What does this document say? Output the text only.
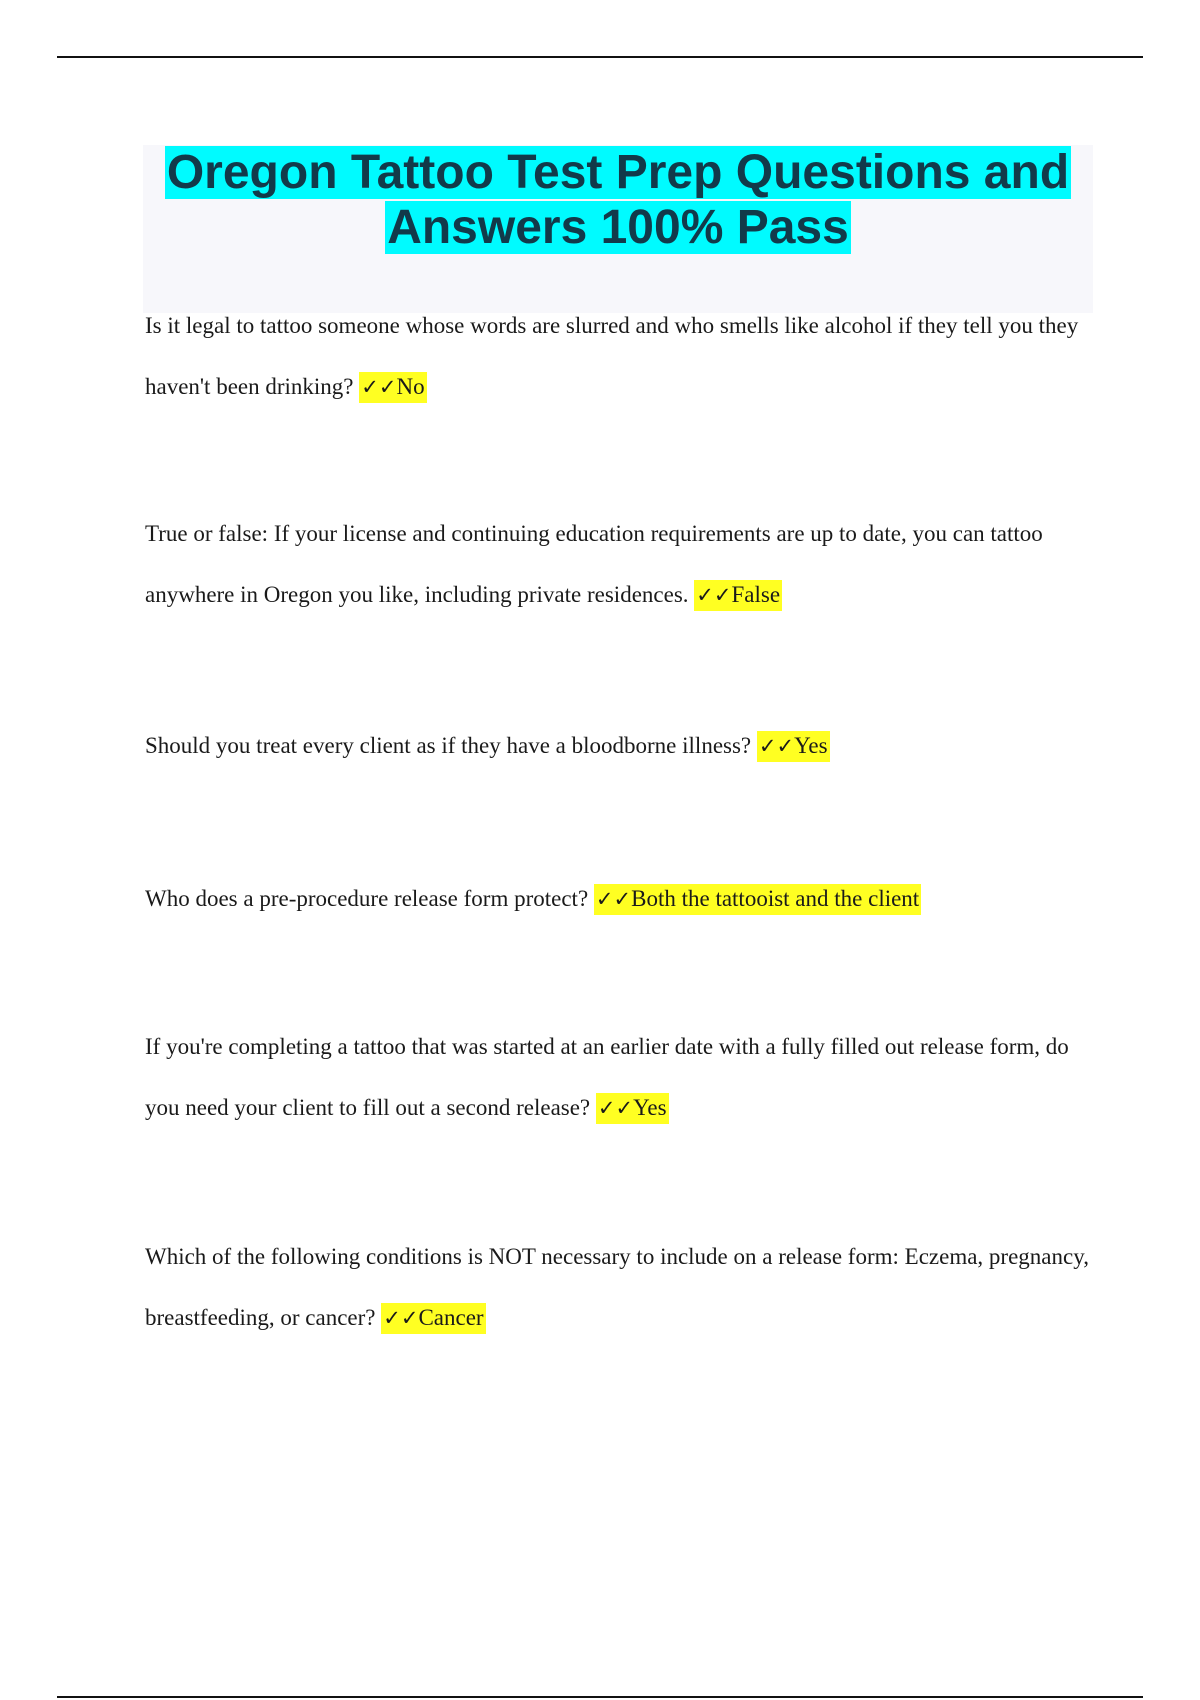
Oregon Tattoo Test Prep Questions and Answers 100% Pass

Is it legal to tattoo someone whose words are slurred and who smells like alcohol if they tell you they haven't been drinking? ✓✓No

True or false: If your license and continuing education requirements are up to date, you can tattoo anywhere in Oregon you like, including private residences. ✓✓False

Should you treat every client as if they have a bloodborne illness? ✓✓Yes

Who does a pre-procedure release form protect? ✓✓Both the tattooist and the client

If you're completing a tattoo that was started at an earlier date with a fully filled out release form, do you need your client to fill out a second release? ✓✓Yes

Which of the following conditions is NOT necessary to include on a release form: Eczema, pregnancy, breastfeeding, or cancer? ✓✓Cancer
